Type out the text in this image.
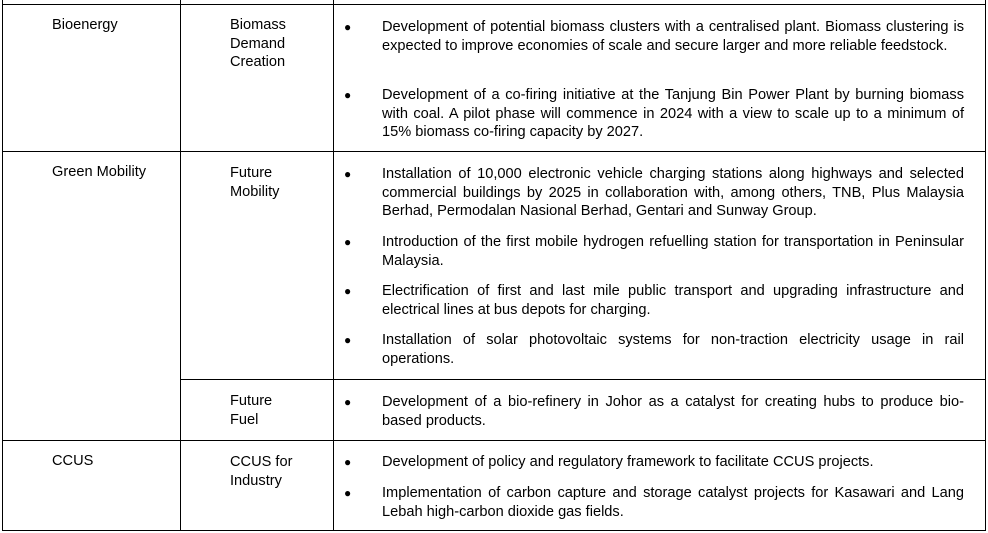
Bioenergy	Biomass Demand Creation
● Development of potential biomass clusters with a centralised plant. Biomass clustering is expected to improve economies of scale and secure larger and more reliable feedstock.
● Development of a co-firing initiative at the Tanjung Bin Power Plant by burning biomass with coal. A pilot phase will commence in 2024 with a view to scale up to a minimum of 15% biomass co-firing capacity by 2027.
Green Mobility	Future Mobility
● Installation of 10,000 electronic vehicle charging stations along highways and selected commercial buildings by 2025 in collaboration with, among others, TNB, Plus Malaysia Berhad, Permodalan Nasional Berhad, Gentari and Sunway Group.
● Introduction of the first mobile hydrogen refuelling station for transportation in Peninsular Malaysia.
● Electrification of first and last mile public transport and upgrading infrastructure and electrical lines at bus depots for charging.
● Installation of solar photovoltaic systems for non-traction electricity usage in rail operations.
Future Fuel
● Development of a bio-refinery in Johor as a catalyst for creating hubs to produce bio-based products.
CCUS	CCUS for Industry
● Development of policy and regulatory framework to facilitate CCUS projects.
● Implementation of carbon capture and storage catalyst projects for Kasawari and Lang Lebah high-carbon dioxide gas fields.
